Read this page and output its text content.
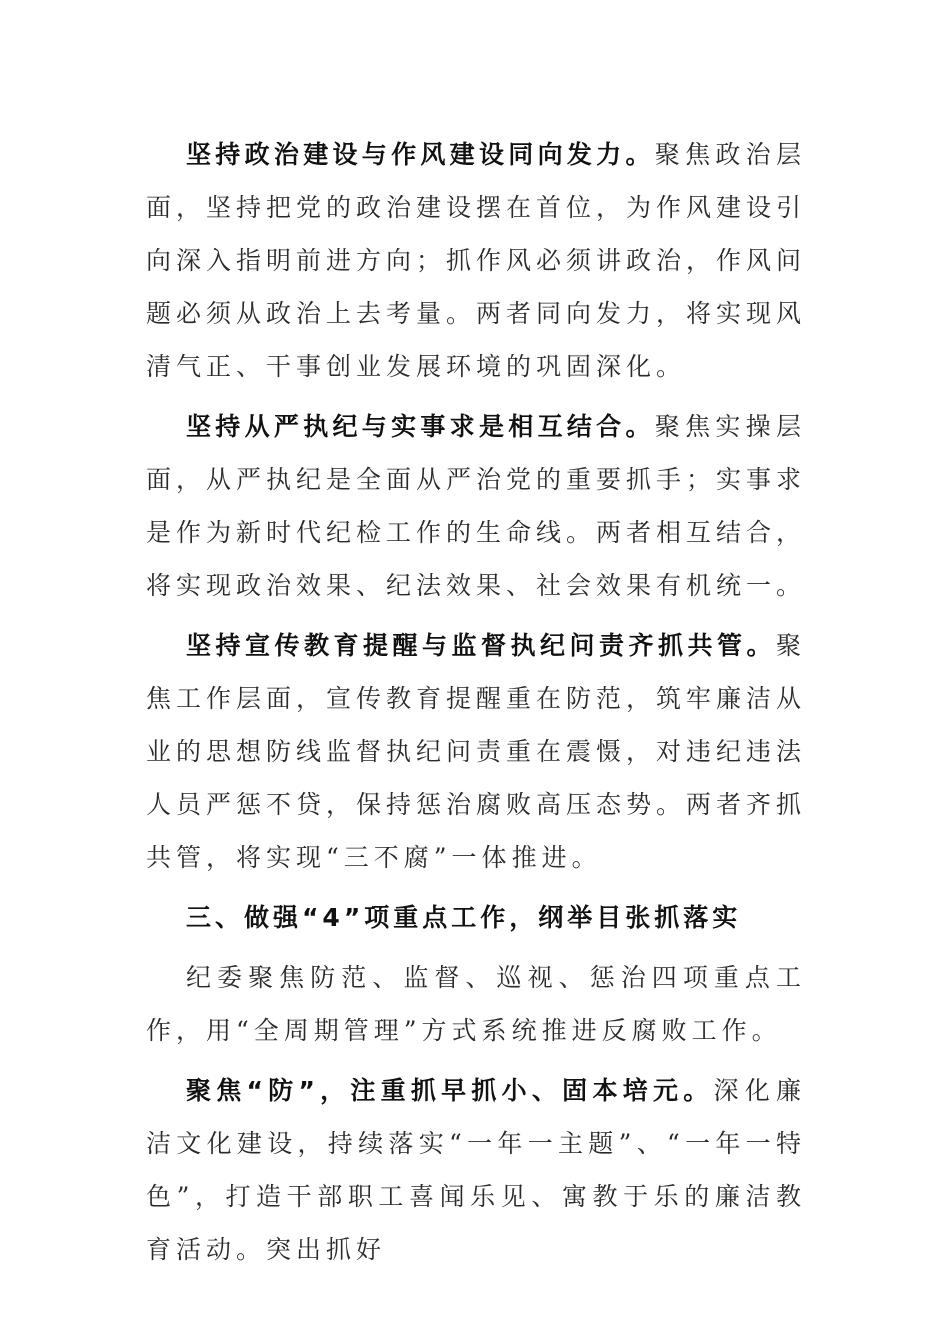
坚持政治建设与作风建设同向发力。聚焦政治层面，坚持把党的政治建设摆在首位，为作风建设引向深入指明前进方向；抓作风必须讲政治，作风问题必须从政治上去考量。两者同向发力，将实现风清气正、干事创业发展环境的巩固深化。

坚持从严执纪与实事求是相互结合。聚焦实操层面，从严执纪是全面从严治党的重要抓手；实事求是作为新时代纪检工作的生命线。两者相互结合，将实现政治效果、纪法效果、社会效果有机统一。

坚持宣传教育提醒与监督执纪问责齐抓共管。聚焦工作层面，宣传教育提醒重在防范，筑牢廉洁从业的思想防线监督执纪问责重在震慑，对违纪违法人员严惩不贷，保持惩治腐败高压态势。两者齐抓共管，将实现“三不腐”一体推进。

三、做强“4”项重点工作，纲举目张抓落实

纪委聚焦防范、监督、巡视、惩治四项重点工作，用“全周期管理”方式系统推进反腐败工作。

聚焦“防”，注重抓早抓小、固本培元。深化廉洁文化建设，持续落实“一年一主题”、“一年一特色”，打造干部职工喜闻乐见、寓教于乐的廉洁教育活动。突出抓好
